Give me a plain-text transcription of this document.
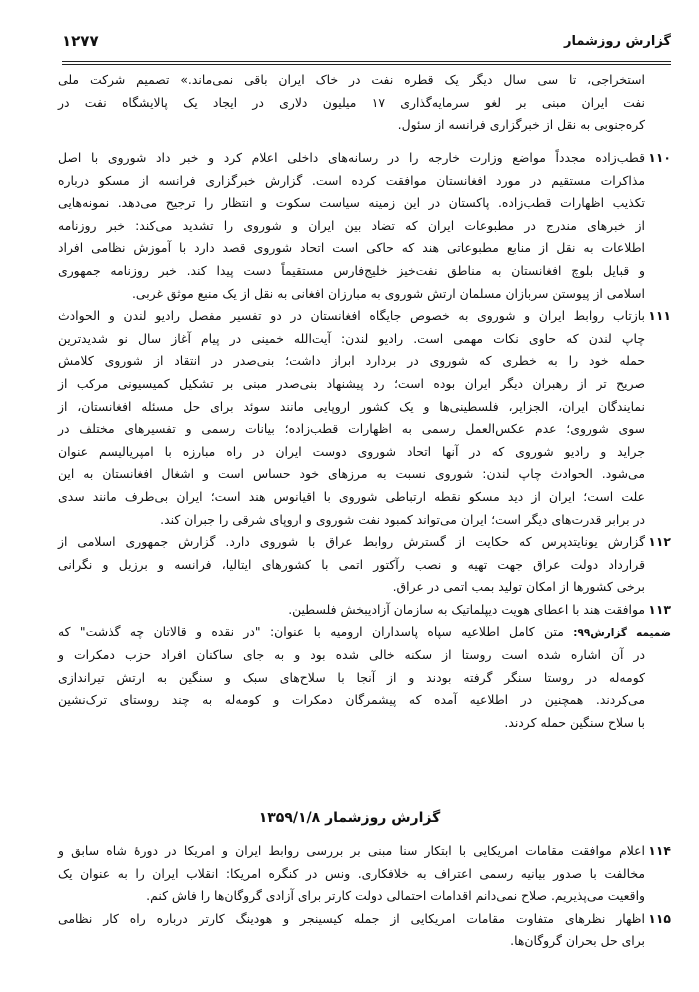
گزارش روزشمار
۱۲۷۷
استخراجی، تا سی سال دیگر یک قطره نفت در خاک ایران باقی نمی‌ماند.» تصمیم شرکت ملی
نفت ایران مبنی بر لغو سرمایه‌گذاری ۱۷ میلیون دلاری در ایجاد یک پالایشگاه نفت در
کره‌جنوبی به نقل از خبرگزاری فرانسه از سئول.
۱۱۰
قطب‌زاده مجدداً مواضع وزارت خارجه را در رسانه‌های داخلی اعلام کرد و خبر داد شوروی با اصل
مذاکرات مستقیم در مورد افغانستان موافقت کرده است. گزارش خبرگزاری فرانسه از مسکو درباره
تکذیب اظهارات قطب‌زاده. پاکستان در این زمینه سیاست سکوت و انتظار را ترجیح می‌دهد. نمونه‌هایی
از خبرهای مندرج در مطبوعات ایران که تضاد بین ایران و شوروی را تشدید می‌کند: خبر روزنامه
اطلاعات به نقل از منابع مطبوعاتی هند که حاکی است اتحاد شوروی قصد دارد با آموزش نظامی افراد
و قبایل بلوچ افغانستان به مناطق نفت‌خیز خلیج‌فارس مستقیماً دست پیدا کند. خبر روزنامه جمهوری
اسلامی از پیوستن سربازان مسلمان ارتش شوروی به مبارزان افغانی به نقل از یک منبع موثق غربی.
۱۱۱
بازتاب روابط ایران و شوروی به خصوص جایگاه افغانستان در دو تفسیر مفصل رادیو لندن و الحوادث
چاپ لندن که حاوی نکات مهمی است. رادیو لندن: آیت‌الله خمینی در پیام آغاز سال نو شدیدترین
حمله خود را به خطری که شوروی در بردارد ابراز داشت؛ بنی‌صدر در انتقاد از شوروی کلامش
صریح تر از رهبران دیگر ایران بوده است؛ رد پیشنهاد بنی‌صدر مبنی بر تشکیل کمیسیونی مرکب از
نمایندگان ایران، الجزایر، فلسطینی‌ها و یک کشور اروپایی مانند سوئد برای حل مسئله افغانستان، از
سوی شوروی؛ عدم عکس‌العمل رسمی به اظهارات قطب‌زاده؛ بیانات رسمی و تفسیرهای مختلف در
جراید و رادیو شوروی که در آنها اتحاد شوروی دوست ایران در راه مبارزه با امپریالیسم عنوان
می‌شود. الحوادث چاپ لندن: شوروی نسبت به مرزهای خود حساس است و اشغال افغانستان به این
علت است؛ ایران از دید مسکو نقطه ارتباطی شوروی با اقیانوس هند است؛ ایران بی‌طرف مانند سدی
در برابر قدرت‌های دیگر است؛ ایران می‌تواند کمبود نفت شوروی و اروپای شرقی را جبران کند.
۱۱۲
گزارش یونایتدپرس که حکایت از گسترش روابط عراق با شوروی دارد. گزارش جمهوری اسلامی از
قرارداد دولت عراق جهت تهیه و نصب رآکتور اتمی با کشورهای ایتالیا، فرانسه و برزیل و نگرانی
برخی کشورها از امکان تولید بمب اتمی در عراق.
۱۱۳
موافقت هند با اعطای هویت دیپلماتیک به سازمان آزادیبخش فلسطین.
ضمیمه گزارش۹۹: متن کامل اطلاعیه سپاه پاسداران ارومیه با عنوان: "در نقده و قالاتان چه گذشت" که
در آن اشاره شده است روستا از سکنه خالی شده بود و به جای ساکنان افراد حزب دمکرات و
کومه‌له در روستا سنگر گرفته بودند و از آنجا با سلاح‌های سبک و سنگین به ارتش تیراندازی
می‌کردند. همچنین در اطلاعیه آمده که پیشمرگان دمکرات و کومه‌له به چند روستای ترک‌نشین
با سلاح سنگین حمله کردند.
گزارش روزشمار ۱۳۵۹/۱/۸
۱۱۴
اعلام موافقت مقامات امریکایی با ابتکار سنا مبنی بر بررسی روابط ایران و امریکا در دورهٔ شاه سابق و
مخالفت با صدور بیانیه رسمی اعتراف به خلافکاری. ونس در کنگره امریکا: انقلاب ایران را به عنوان یک
واقعیت می‌پذیریم. صلاح نمی‌دانم اقدامات احتمالی دولت کارتر برای آزادی گروگان‌ها را فاش کنم.
۱۱۵
اظهار نظرهای متفاوت مقامات امریکایی از جمله کیسینجر و هودینگ کارتر درباره راه کار نظامی
برای حل بحران گروگان‌ها.
